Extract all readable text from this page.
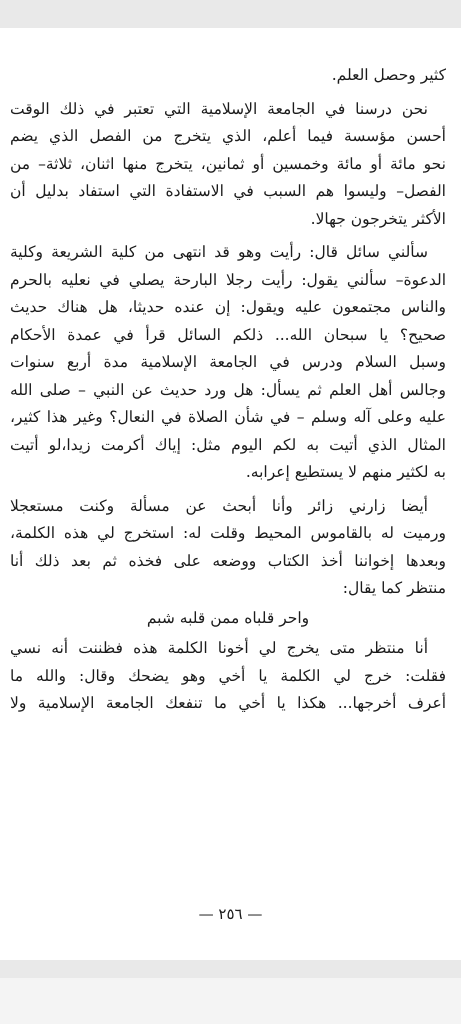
كثير وحصل العلم.

نحن درسنا في الجامعة الإسلامية التي تعتبر في ذلك الوقت
أحسن مؤسسة فيما أعلم، الذي يتخرج من الفصل الذي يضم
نحو مائة أو مائة وخمسين أو ثمانين، يتخرج منها اثنان، ثلاثة– من
الفصل– وليسوا هم السبب في الاستفادة التي استفاد بدليل أن
الأكثر يتخرجون جهالا.

سألني سائل قال: رأيت وهو قد انتهى من كلية الشريعة وكلية
الدعوة– سألني يقول: رأيت رجلا البارحة يصلي في نعليه بالحرم
والناس مجتمعون عليه ويقول: إن عنده حديثا، هل هناك حديث
صحيح؟ يا سبحان الله... ذلكم السائل قرأ في عمدة الأحكام
وسبل السلام ودرس في الجامعة الإسلامية مدة أربع سنوات
وجالس أهل العلم ثم يسأل: هل ورد حديث عن النبي – صلى الله
عليه وعلى آله وسلم – في شأن الصلاة في النعال؟ وغير هذا كثير،
المثال الذي أتيت به لكم اليوم مثل: إياك أكرمت زيدا،لو أتيت
به لكثير منهم لا يستطيع إعرابه.

أيضا زارني زائر وأنا أبحث عن مسألة وكنت مستعجلا
ورميت له بالقاموس المحيط وقلت له: استخرج لي هذه الكلمة،
وبعدها إخواننا أخذ الكتاب ووضعه على فخذه ثم بعد ذلك أنا
منتظر كما يقال:

واحر قلباه ممن قلبه شبم

أنا منتظر متى يخرج لي أخونا الكلمة هذه فظننت أنه نسي
فقلت: خرج لي الكلمة يا أخي وهو يضحك وقال: والله ما
أعرف أخرجها... هكذا يا أخي ما تنفعك الجامعة الإسلامية ولا

— ٢٥٦ —
